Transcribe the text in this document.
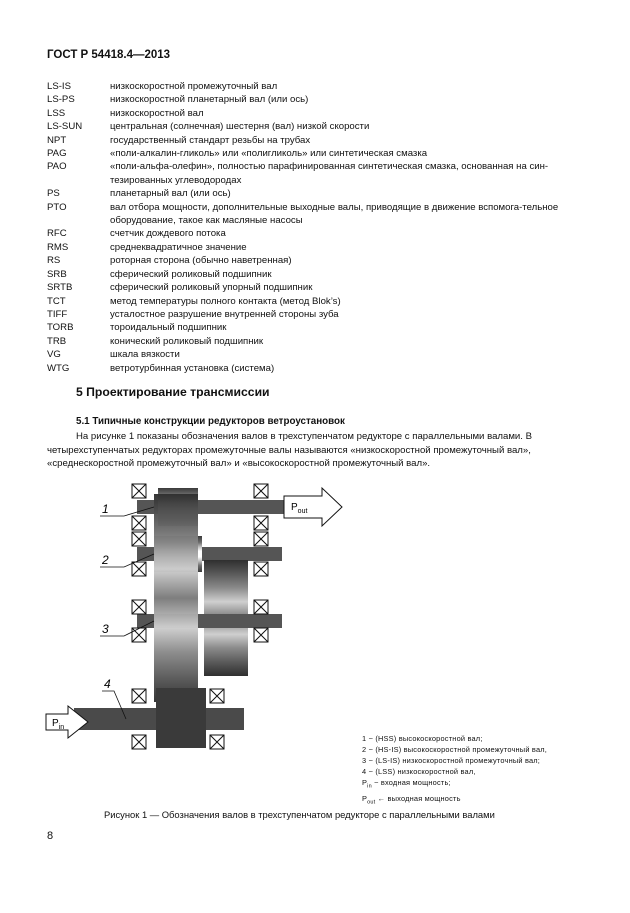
ГОСТ Р 54418.4—2013
LS-IS	низкоскоростной промежуточный вал
LS-PS	низкоскоростной планетарный вал (или ось)
LSS	низкоскоростной вал
LS-SUN	центральная (солнечная) шестерня (вал) низкой скорости
NPT	государственный стандарт резьбы на трубах
PAG	«поли-алкалин-гликоль» или «полигликоль» или синтетическая смазка
PAO	«поли-альфа-олефин», полностью парафинированная синтетическая смазка, основанная на син-тезированных углеводородах
PS	планетарный вал (или ось)
PTO	вал отбора мощности, дополнительные выходные валы, приводящие в движение вспомога-тельное оборудование, такое как масляные насосы
RFC	счетчик дождевого потока
RMS	среднеквадратичное значение
RS	роторная сторона (обычно наветренная)
SRB	сферический роликовый подшипник
SRTB	сферический роликовый упорный подшипник
TCT	метод температуры полного контакта (метод Blok’s)
TIFF	усталостное разрушение внутренней стороны зуба
TORB	тороидальный подшипник
TRB	конический роликовый подшипник
VG	шкала вязкости
WTG	ветротурбинная установка (система)
5 Проектирование трансмиссии
5.1 Типичные конструкции редукторов ветроустановок
На рисунке 1 показаны обозначения валов в трехступенчатом редукторе с параллельными валами. В четырехступенчатых редукторах промежуточные валы называются «низкоскоростной промежуточный вал», «среднескоростной промежуточный вал» и «высокоскоростной промежуточный вал».
$P_{out}$
$P_{in}$
1
2
3
4
1 ~ (HSS) высокоскоростной вал;
2 ~ (HS-IS) высокоскоростной промежуточный вал,
3 ~ (LS-IS) низкоскоростной промежуточный вал;
4 ~ (LSS) низкоскоростной вал,
$P_{in}$ ~ входная мощность;
$P_{out}$ ← выходная мощность
Рисунок 1 — Обозначения валов в трехступенчатом редукторе с параллельными валами
8
